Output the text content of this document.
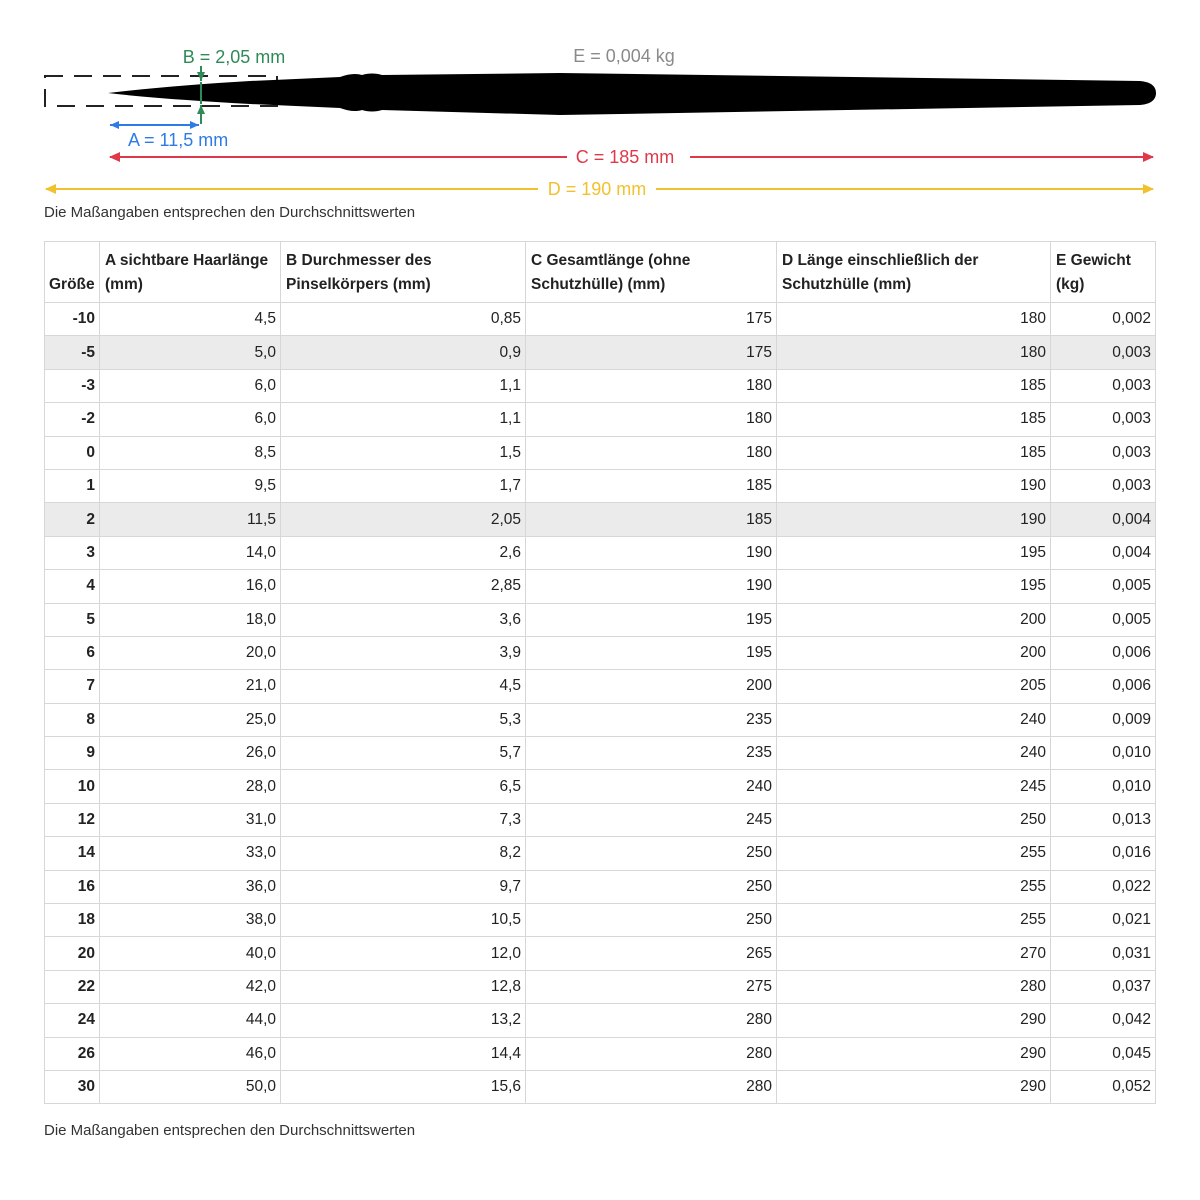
E = 0,004 kg
B = 2,05 mm
A = 11,5 mm
C = 185 mm
D = 190 mm
Die Maßangaben entsprechen den Durchschnittswerten
Größe	A sichtbare Haarlänge (mm)	B Durchmesser des Pinselkörpers (mm)	C Gesamtlänge (ohne Schutzhülle) (mm)	D Länge einschließlich der Schutzhülle (mm)	E Gewicht (kg)
-10	4,5	0,85	175	180	0,002
-5	5,0	0,9	175	180	0,003
-3	6,0	1,1	180	185	0,003
-2	6,0	1,1	180	185	0,003
0	8,5	1,5	180	185	0,003
1	9,5	1,7	185	190	0,003
2	11,5	2,05	185	190	0,004
3	14,0	2,6	190	195	0,004
4	16,0	2,85	190	195	0,005
5	18,0	3,6	195	200	0,005
6	20,0	3,9	195	200	0,006
7	21,0	4,5	200	205	0,006
8	25,0	5,3	235	240	0,009
9	26,0	5,7	235	240	0,010
10	28,0	6,5	240	245	0,010
12	31,0	7,3	245	250	0,013
14	33,0	8,2	250	255	0,016
16	36,0	9,7	250	255	0,022
18	38,0	10,5	250	255	0,021
20	40,0	12,0	265	270	0,031
22	42,0	12,8	275	280	0,037
24	44,0	13,2	280	290	0,042
26	46,0	14,4	280	290	0,045
30	50,0	15,6	280	290	0,052
Die Maßangaben entsprechen den Durchschnittswerten
